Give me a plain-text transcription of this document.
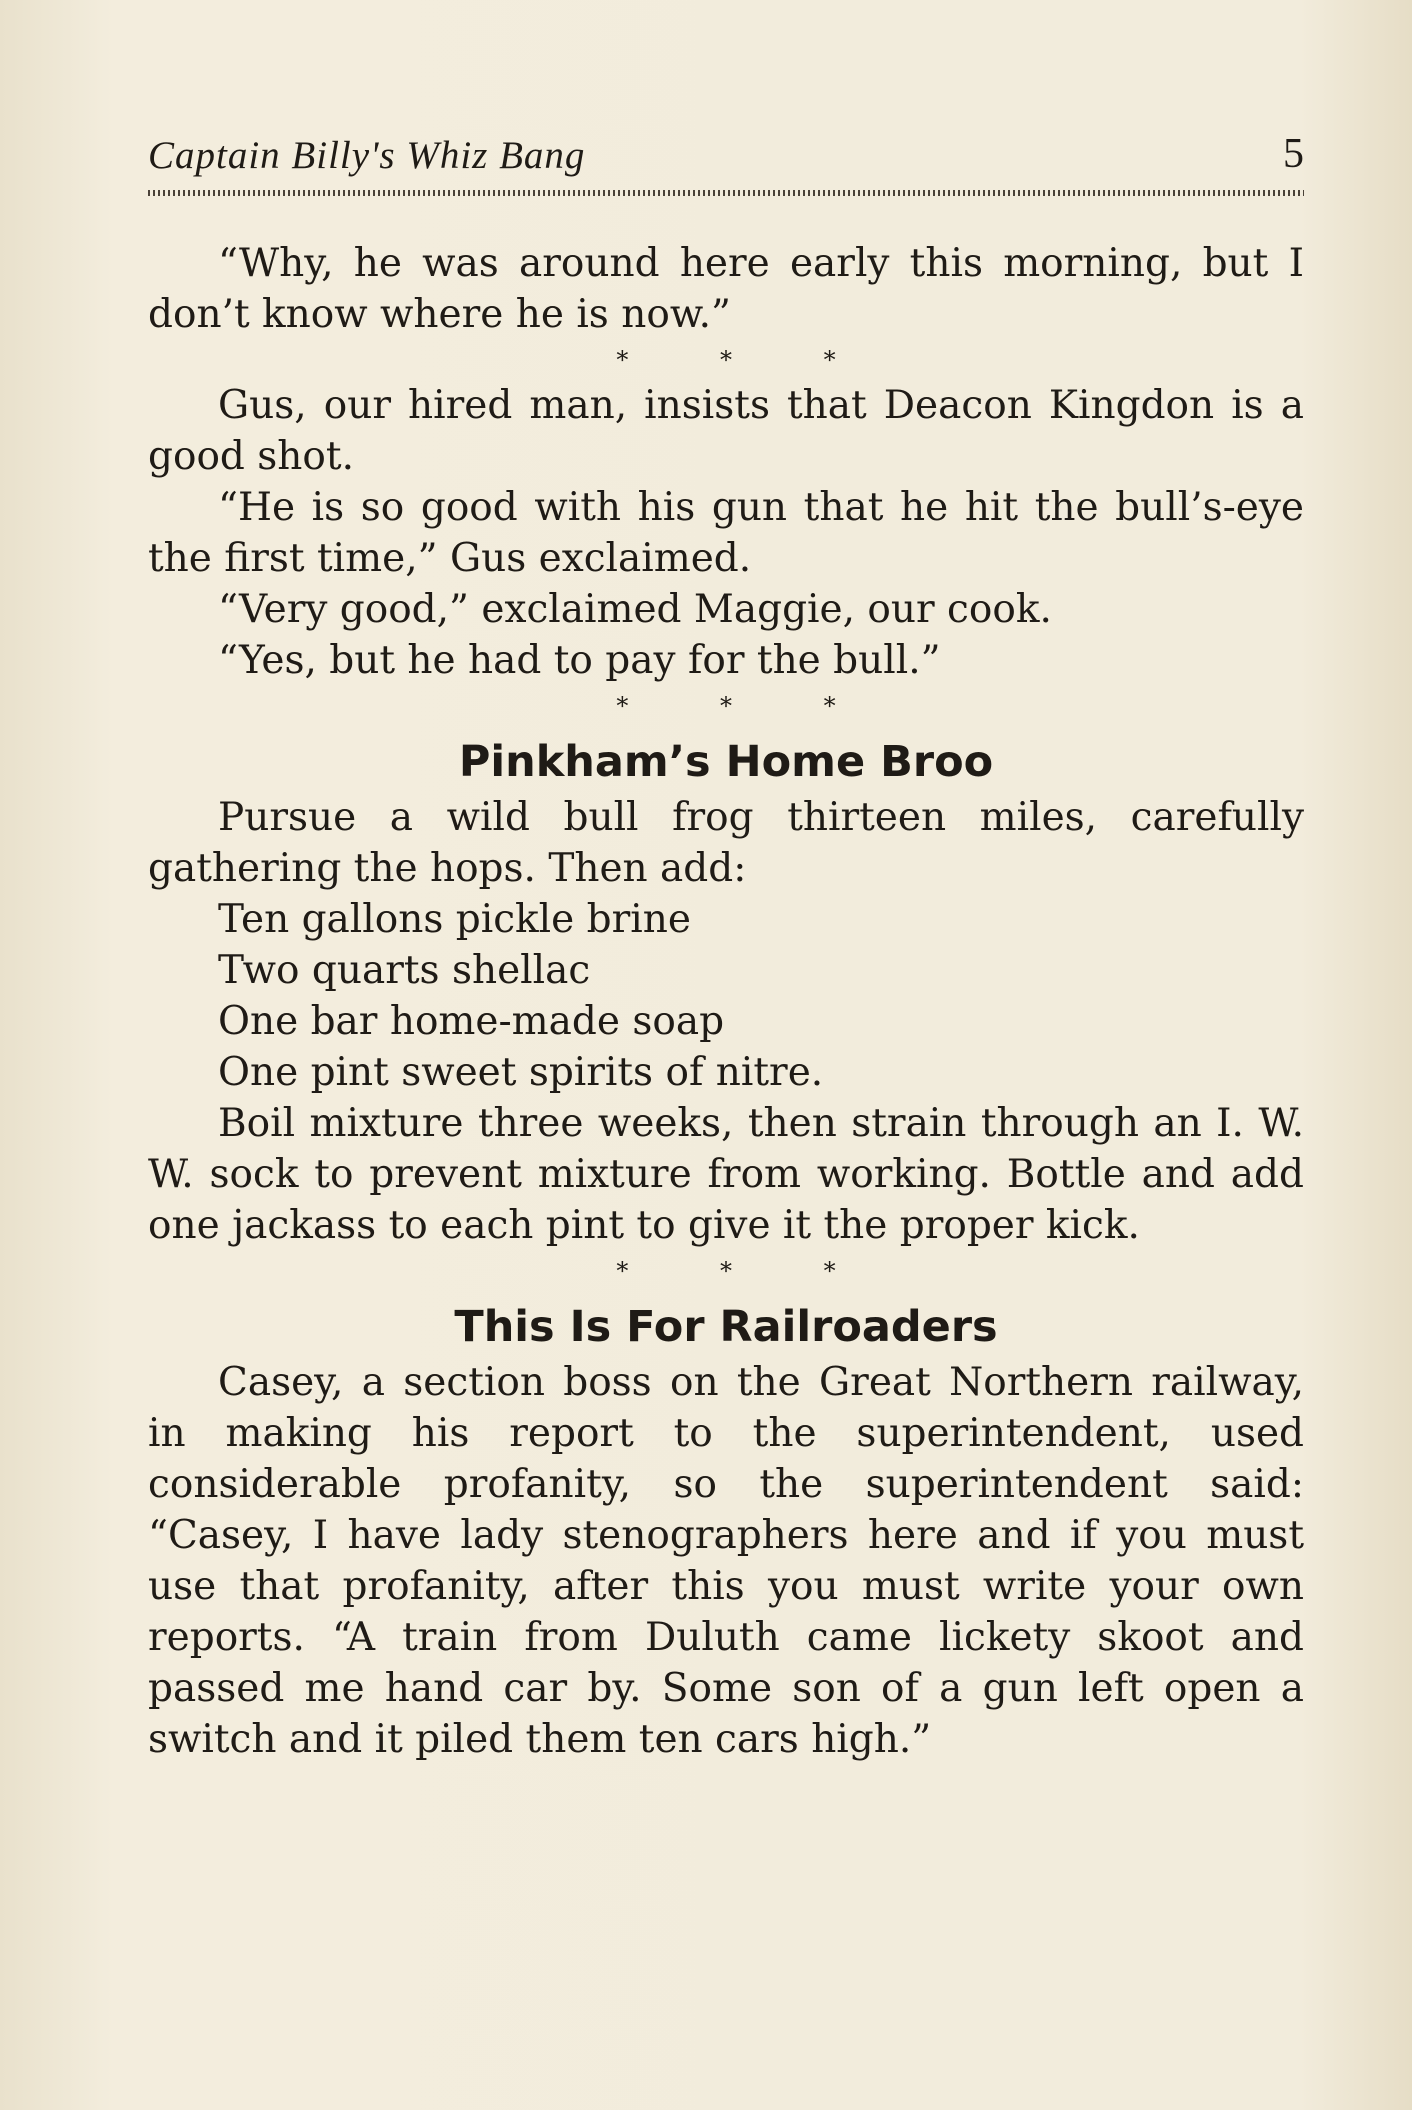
Captain Billy's Whiz Bang	5

“Why, he was around here early this morning, but I don’t know where he is now.”

* * *

Gus, our hired man, insists that Deacon Kingdon is a good shot.

“He is so good with his gun that he hit the bull’s-eye the first time,” Gus exclaimed.

“Very good,” exclaimed Maggie, our cook.

“Yes, but he had to pay for the bull.”

* * *
Pinkham’s Home Broo

Pursue a wild bull frog thirteen miles, carefully gathering the hops. Then add:

Ten gallons pickle brine

Two quarts shellac

One bar home-made soap

One pint sweet spirits of nitre.

Boil mixture three weeks, then strain through an I. W. W. sock to prevent mixture from working. Bottle and add one jackass to each pint to give it the proper kick.

* * *
This Is For Railroaders

Casey, a section boss on the Great Northern railway, in making his report to the superintendent, used considerable profanity, so the superintendent said: “Casey, I have lady stenographers here and if you must use that profanity, after this you must write your own reports. “A train from Duluth came lickety skoot and passed me hand car by. Some son of a gun left open a switch and it piled them ten cars high.”
